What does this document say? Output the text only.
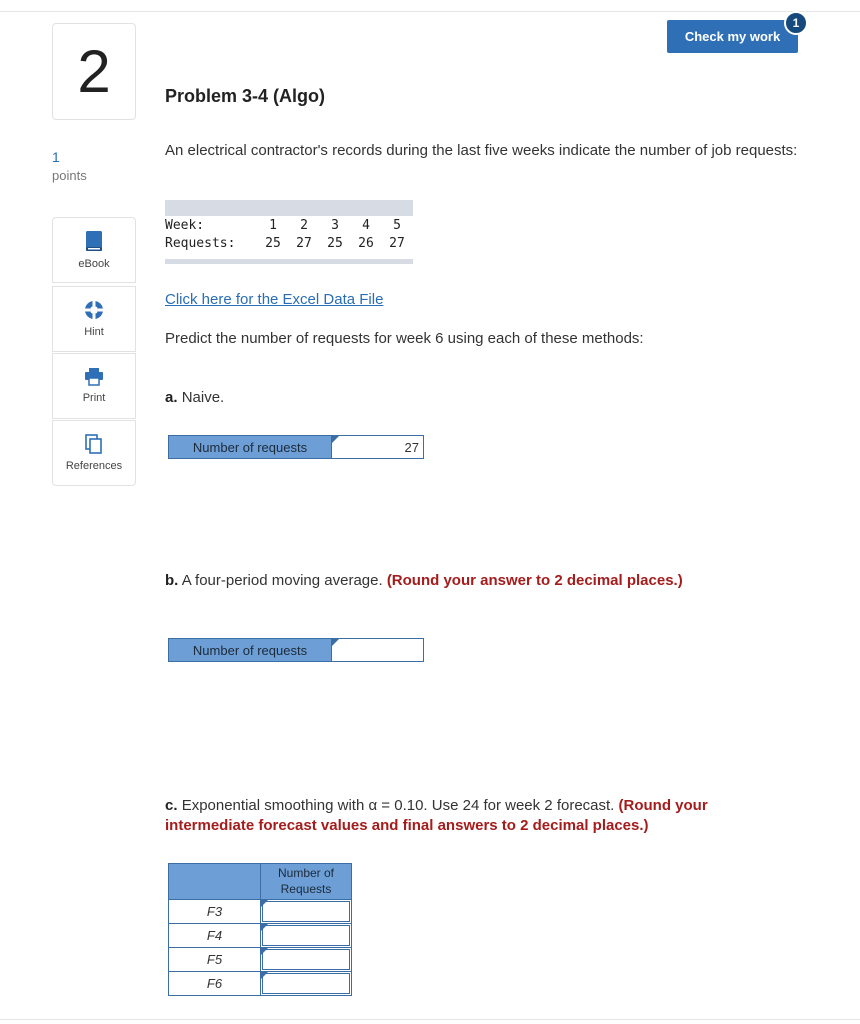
2
1
points
eBook
Hint
Print
References
Check my work
1
Problem 3-4 (Algo)
An electrical contractor's records during the last five weeks indicate the number of job requests:
Week:	1	2	3	4	5
Requests:	25	27	25	26	27
Click here for the Excel Data File
Predict the number of requests for week 6 using each of these methods:
a. Naive.
Number of requests	27
b. A four-period moving average. (Round your answer to 2 decimal places.)
Number of requests
c. Exponential smoothing with α = 0.10. Use 24 for week 2 forecast. (Round your intermediate forecast values and final answers to 2 decimal places.)
Number of Requests
F3
F4
F5
F6
